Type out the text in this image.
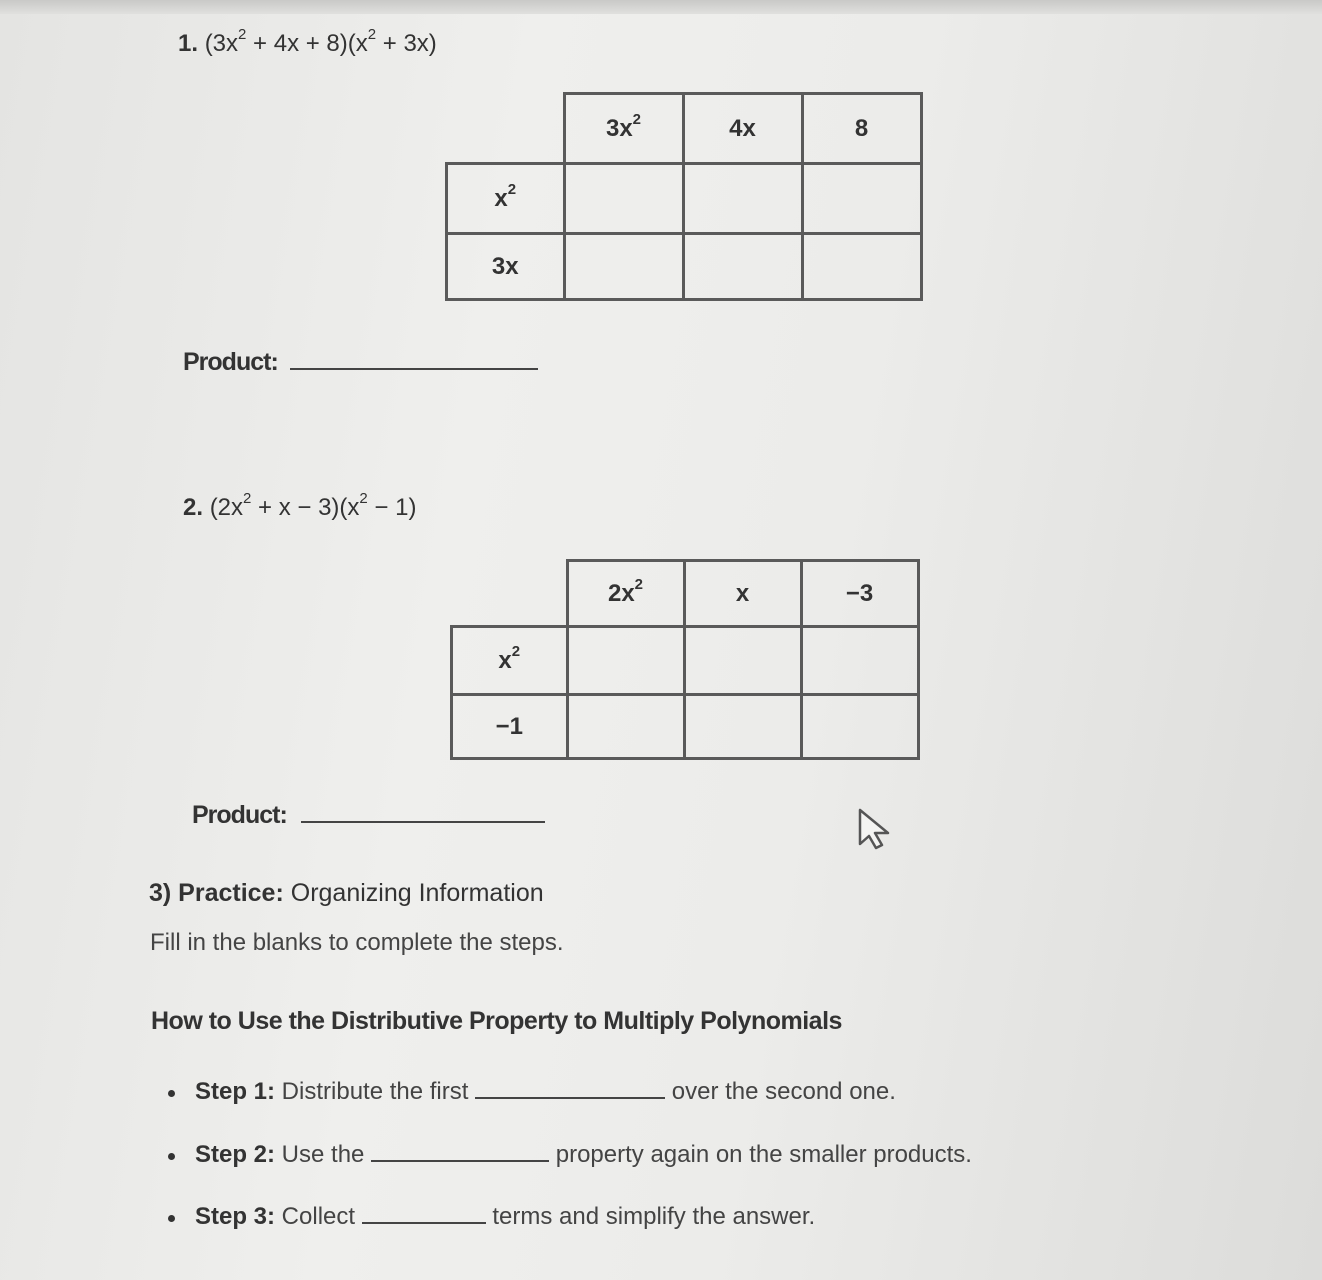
1. $(3x^2 + 4x + 8)(x^2 + 3x)$
	$3x^2$	4x	8
$x^2$			
3x			
Product:
2. $(2x^2 + x - 3)(x^2 - 1)$
	$2x^2$	x	−3
$x^2$			
−1			
Product:
3) Practice: Organizing Information
Fill in the blanks to complete the steps.
How to Use the Distributive Property to Multiply Polynomials
Step 1: Distribute the first	over the second one.
Step 2: Use the	property again on the smaller products.
Step 3: Collect	terms and simplify the answer.
